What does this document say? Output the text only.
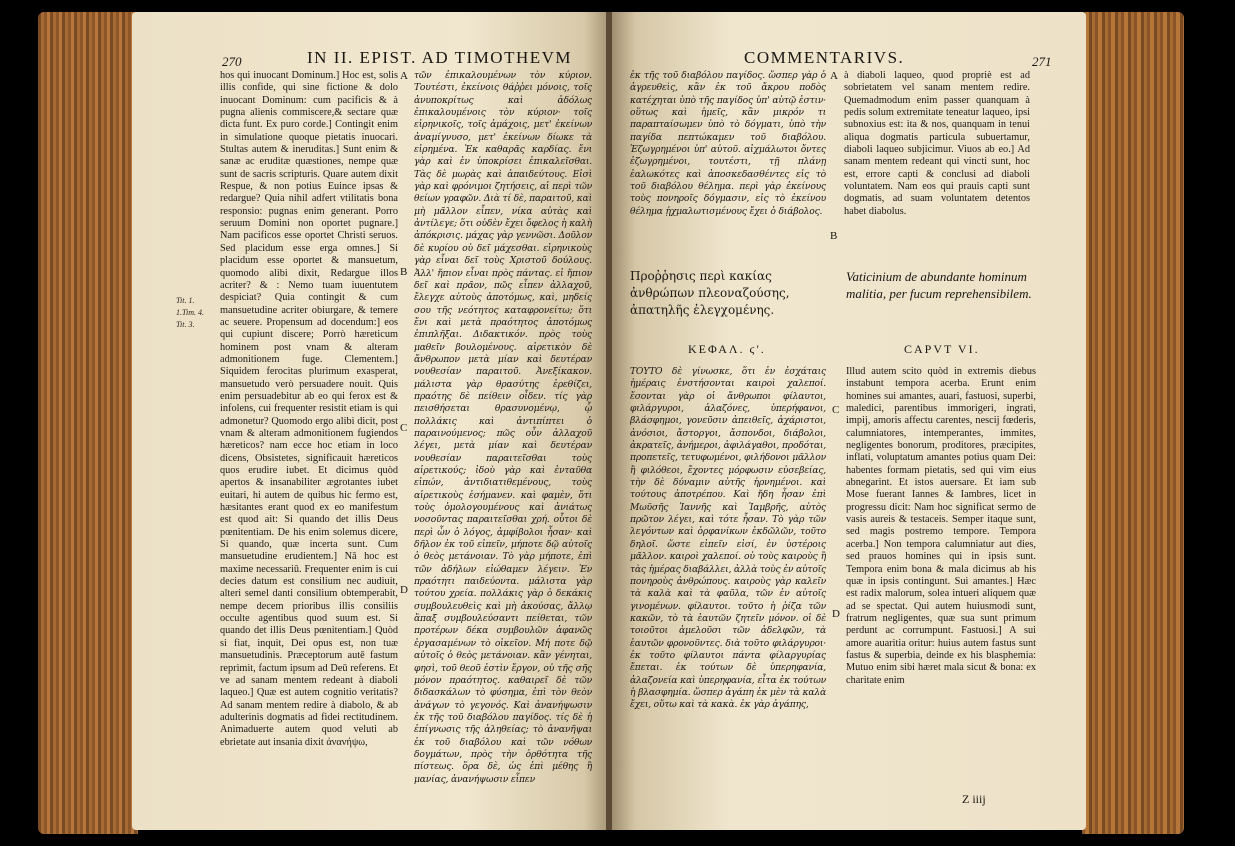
270	IN II. EPIST. AD TIMOTHEVM
Tit. 1.
1.Tim. 4.
Tit. 3.
hos qui inuocant Dominum.] Hoc est, solis illis confide, qui sine fictione & dolo inuocant Dominum: cum pacificis & à pugna alienis commiscere,& sectare quæ dicta funt. Ex puro corde.] Contingit enim in simulatione quoque pietatis inuocari. Stultas autem & ineruditas.] Sunt enim & sanæ ac eruditæ quæstiones, nempe quæ sunt de sacris scripturis. Quare autem dixit Respue, & non potius Euince ipsas & redargue? Quia nihil adfert vtilitatis bona responsio: pugnas enim generant. Porro seruum Domini non oportet pugnare.] Nam pacificos esse oportet Christi seruos. Sed placidum esse erga omnes.] Si placidum esse oportet & mansuetum, quomodo alibi dixit, Redargue illos acriter? & : Nemo tuam iuuentutem despiciat? Quia contingit & cum mansuetudine acriter obiurgare, & temere ac seuere. Propensum ad docendum:] eos qui cupiunt discere; Porrò hæreticum hominem post vnam & alteram admonitionem fuge. Clementem.] Siquidem ferocitas plurimum exasperat, mansuetudo verò persuadere nouit. Quis enim persuadebitur ab eo qui ferox est & infolens, cui frequenter resistit etiam is qui admonetur? Quomodo ergo alibi dicit, post vnam & alteram admonitionem fugiendos hæreticos? nam ecce hoc etiam in loco dicens, Obsistetes, significauit hæreticos quos erudire iubet. Et dicimus quòd apertos & insanabiliter ægrotantes iubet euitari, hi autem de quibus hic fermo est, hæsitantes erant quod ex eo manifestum est quod ait: Si quando det illis Deus pœnitentiam. De his enim solemus dicere, Si quando, quæ incerta sunt. Cum mansuetudine erudientem.] Nā hoc est maxime necessariū. Frequenter enim is cui decies datum est consilium nec audiuit, alteri semel danti consilium obtemperabit, nempe decem prioribus illis consiliis occulte agentibus quod suum est. Si quando det illis Deus pœnitentiam.] Quòd si fiat, inquit, Dei opus est, non tuæ mansuetudinis. Præceptorum autē fastum reprimit, factum ipsum ad Deū referens. Et ve ad sanam mentem redeant à diaboli laqueo.] Quæ est autem cognitio veritatis? Ad sanam mentem redire à diabolo, & ab adulterinis dogmatis ad fidei rectitudinem. Animaduerte autem quod veluti ab ebrietate aut insania dixit ἀνανήψω,
A
B
C
D
τῶν ἐπικαλουμένων τὸν κύριον. Τουτέστι, ἐκείνοις θάῤῥει μόνοις, τοῖς ἀνυποκρίτως καὶ ἀδόλως ἐπικαλουμένοις τὸν κύριον· τοῖς εἰρηνικοῖς, τοῖς ἀμάχοις, μετ' ἐκείνων ἀναμίγνυσο, μετ' ἐκείνων δίωκε τὰ εἰρημένα. Ἐκ καθαρᾶς καρδίας. ἔνι γὰρ καὶ ἐν ὑποκρίσει ἐπικαλεῖσθαι. Τὰς δὲ μωρὰς καὶ ἀπαιδεύτους. Εἰσὶ γὰρ καὶ φρόνιμοι ζητήσεις, αἱ περὶ τῶν θείων γραφῶν. Διὰ τί δὲ, παραιτοῦ, καὶ μὴ μᾶλλον εἶπεν, νίκα αὐτὰς καὶ ἀντίλεγε; ὅτι οὐδὲν ἔχει ὄφελος ἡ καλὴ ἀπόκρισις. μάχας γὰρ γεννῶσι. Δοῦλον δὲ κυρίου οὐ δεῖ μάχεσθαι. εἰρηνικοὺς γὰρ εἶναι δεῖ τοὺς Χριστοῦ δούλους. Ἀλλ' ἤπιον εἶναι πρὸς πάντας. εἰ ἤπιον δεῖ καὶ πρᾶον, πῶς εἶπεν ἀλλαχοῦ, ἔλεγχε αὐτοὺς ἀποτόμως, καὶ, μηδείς σου τῆς νεότητος καταφρονείτω; ὅτι ἔνι καὶ μετὰ πραότητος ἀποτόμως ἐπιπλῆξαι. Διδακτικόν. πρὸς τοὺς μαθεῖν βουλομένους. αἱρετικὸν δὲ ἄνθρωπον μετὰ μίαν καὶ δευτέραν νουθεσίαν παραιτοῦ. Ἀνεξίκακον. μάλιστα γὰρ θρασύτης ἐρεθίζει, πραότης δὲ πείθειν οἶδεν. τίς γὰρ πεισθήσεται θρασυνομένῳ, ᾧ πολλάκις καὶ ἀντιπίπτει ὁ παραινούμενος; πῶς οὖν ἀλλαχοῦ λέγει, μετὰ μίαν καὶ δευτέραν νουθεσίαν παραιτεῖσθαι τοὺς αἱρετικούς; ἰδοὺ γὰρ καὶ ἐνταῦθα εἰπών, ἀντιδιατιθεμένους, τοὺς αἱρετικοὺς ἐσήμανεν. καὶ φαμὲν, ὅτι τοὺς ὁμολογουμένους καὶ ἀνιάτως νοσοῦντας παραιτεῖσθαι χρή. οὗτοι δὲ περὶ ὧν ὁ λόγος, ἀμφίβολοι ἦσαν· καὶ δῆλον ἐκ τοῦ εἰπεῖν, μήποτε δῷ αὐτοῖς ὁ θεὸς μετάνοιαν. Τὸ γὰρ μήποτε, ἐπὶ τῶν ἀδήλων εἰώθαμεν λέγειν. Ἐν πραότητι παιδεύοντα. μάλιστα γὰρ τούτου χρεία. πολλάκις γὰρ ὁ δεκάκις συμβουλευθεὶς καὶ μὴ ἀκούσας, ἄλλῳ ἅπαξ συμβουλεύσαντι πείθεται, τῶν προτέρων δέκα συμβουλῶν ἀφανῶς ἐργασαμένων τὸ οἰκεῖον. Μή ποτε δῷ αὐτοῖς ὁ θεὸς μετάνοιαν. κἂν γένηται, φησὶ, τοῦ θεοῦ ἐστὶν ἔργον, οὐ τῆς σῆς μόνον πραότητος. καθαιρεῖ δὲ τῶν διδασκάλων τὸ φύσημα, ἐπὶ τὸν θεὸν ἀνάγων τὸ γεγονός. Καὶ ἀνανήψωσιν ἐκ τῆς τοῦ διαβόλου παγίδος. τίς δὲ ἡ ἐπίγνωσις τῆς ἀληθείας; τὸ ἀνανῆψαι ἐκ τοῦ διαβόλου καὶ τῶν νόθων δογμάτων, πρὸς τὴν ὀρθότητα τῆς πίστεως. ὅρα δὲ, ὡς ἐπὶ μέθης ἢ μανίας, ἀνανήψωσιν εἶπεν
COMMENTARIVS.	271
ἐκ τῆς τοῦ διαβόλου παγίδος. ὥσπερ γὰρ ὁ ἀγρευθεὶς, κἂν ἐκ τοῦ ἄκρου ποδὸς κατέχηται ὑπὸ τῆς παγίδος ὑπ' αὐτῷ ἐστιν· οὕτως καὶ ἡμεῖς, κἂν μικρόν τι παραπταίσωμεν ὑπὸ τὸ δόγματι, ὑπὸ τὴν παγίδα πεπτώκαμεν τοῦ διαβόλου. Ἐζωγρημένοι ὑπ' αὐτοῦ. αἰχμάλωτοι ὄντες ἐζωγρημένοι, τουτέστι, τῇ πλάνῃ ἐαλωκότες καὶ ἀποσκεδασθέντες εἰς τὸ τοῦ διαβόλου θέλημα. περὶ γὰρ ἐκείνους τοὺς πονηροῖς δόγμασιν, εἰς τὸ ἐκείνου θέλημα ᾐχμαλωτισμένους ἔχει ὁ διάβολος.
A
B
à diaboli laqueo, quod propriè est ad sobrietatem vel sanam mentem redire. Quemadmodum enim passer quanquam à pedis solum extremitate teneatur laqueo, ipsi subnoxius est: ita & nos, quanquam in tenui aliqua dogmatis particula subuertamur, diaboli laqueo subjicimur. Viuos ab eo.] Ad sanam mentem redeant qui vincti sunt, hoc est, errore capti & conclusi ad diaboli voluntatem. Nam eos qui prauis capti sunt dogmatis, ad suam voluntatem detentos habet diabolus.
Προῤῥησις περὶ κακίας ἀνθρώπων πλεοναζούσης, ἀπατηλῆς ἐλεγχομένης.
Vaticinium de abundante hominum malitia, per fucum reprehensibilem.
ΚΕΦΑΛ. ϛ'.	CAPVT VI.
ΤΟΥΤΟ δὲ γίνωσκε, ὅτι ἐν ἐσχάταις ἡμέραις ἐνστήσονται καιροὶ χαλεποί. ἔσονται γὰρ οἱ ἄνθρωποι φίλαυτοι, φιλάργυροι, ἀλαζόνες, ὑπερήφανοι, βλάσφημοι, γονεῦσιν ἀπειθεῖς, ἀχάριστοι, ἀνόσιοι, ἄστοργοι, ἄσπονδοι, διάβολοι, ἀκρατεῖς, ἀνήμεροι, ἀφιλάγαθοι, προδόται, προπετεῖς, τετυφωμένοι, φιλήδονοι μᾶλλον ἢ φιλόθεοι, ἔχοντες μόρφωσιν εὐσεβείας, τὴν δὲ δύναμιν αὐτῆς ἠρνημένοι. καὶ τούτους ἀποτρέπου. Καὶ ἤδη ἦσαν ἐπὶ Μωϋσῆς Ἰαννῆς καὶ Ἰαμβρῆς, αὐτὸς πρῶτον λέγει, καὶ τότε ἦσαν. Τὸ γὰρ τῶν λεγόντων καὶ ὀρφανίκων ἐκδῶλῶν, τοῦτο δηλοῖ. ὥστε εἰπεῖν εἰσί, ἐν ὑστέροις μᾶλλον. καιροὶ χαλεποί. οὐ τοὺς καιροὺς ἢ τὰς ἡμέρας διαβάλλει, ἀλλὰ τοὺς ἐν αὐτοῖς πονηροὺς ἀνθρώπους. καιροὺς γὰρ καλεῖν τὰ καλὰ καὶ τὰ φαῦλα, τῶν ἐν αὐτοῖς γινομένων. φίλαυτοι. τοῦτο ἡ ῥίζα τῶν κακῶν, τὸ τὰ ἑαυτῶν ζητεῖν μόνον. οἱ δὲ τοιοῦτοι ἀμελοῦσι τῶν ἀδελφῶν, τὰ ἑαυτῶν φρονοῦντες. διὰ τοῦτο φιλάργυροι· ἐκ τοῦτο φίλαυτοι πάντα φίλαργυρίας ἔπεται. ἐκ τούτων δὲ ὑπερηφανία, ἀλαζονεία καὶ ὑπερηφανία, εἶτα ἐκ τούτων ἡ βλασφημία. ὥσπερ ἀγάπη ἐκ μὲν τὰ καλὰ ἔχει, οὕτω καὶ τὰ κακὰ. ἐκ γὰρ ἀγάπης,
C
D
Illud autem scito quòd in extremis diebus instabunt tempora acerba. Erunt enim homines sui amantes, auari, fastuosi, superbi, maledici, parentibus immorigeri, ingrati, impij, amoris affectu carentes, nescij fœderis, calumniatores, intemperantes, immites, negligentes bonorum, proditores, præcipites, inflati, voluptatum amantes potius quam Dei: habentes formam pietatis, sed qui vim eius abnegarint. Et istos auersare. Et iam sub Mose fuerant Iannes & Iambres, licet in progressu dicit: Nam hoc significat sermo de vasis aureis & testaceis. Semper itaque sunt, sed magis postremo tempore. Tempora acerba.] Non tempora calumniatur aut dies, sed prauos homines qui in ipsis sunt. Tempora enim bona & mala dicimus ab his quæ in ipsis contingunt. Sui amantes.] Hæc est radix malorum, solea intueri aliquem quæ ad se spectat. Qui autem huiusmodi sunt, fratrum negligentes, quæ sua sunt primum perdunt ac corrumpunt. Fastuosi.] A sui amore auaritia oritur: huius autem fastus sunt fastus & superbia, deinde ex his blasphemia: Mutuo enim sibi hæret mala sicut & bona: ex charitate enim
Z iiij
